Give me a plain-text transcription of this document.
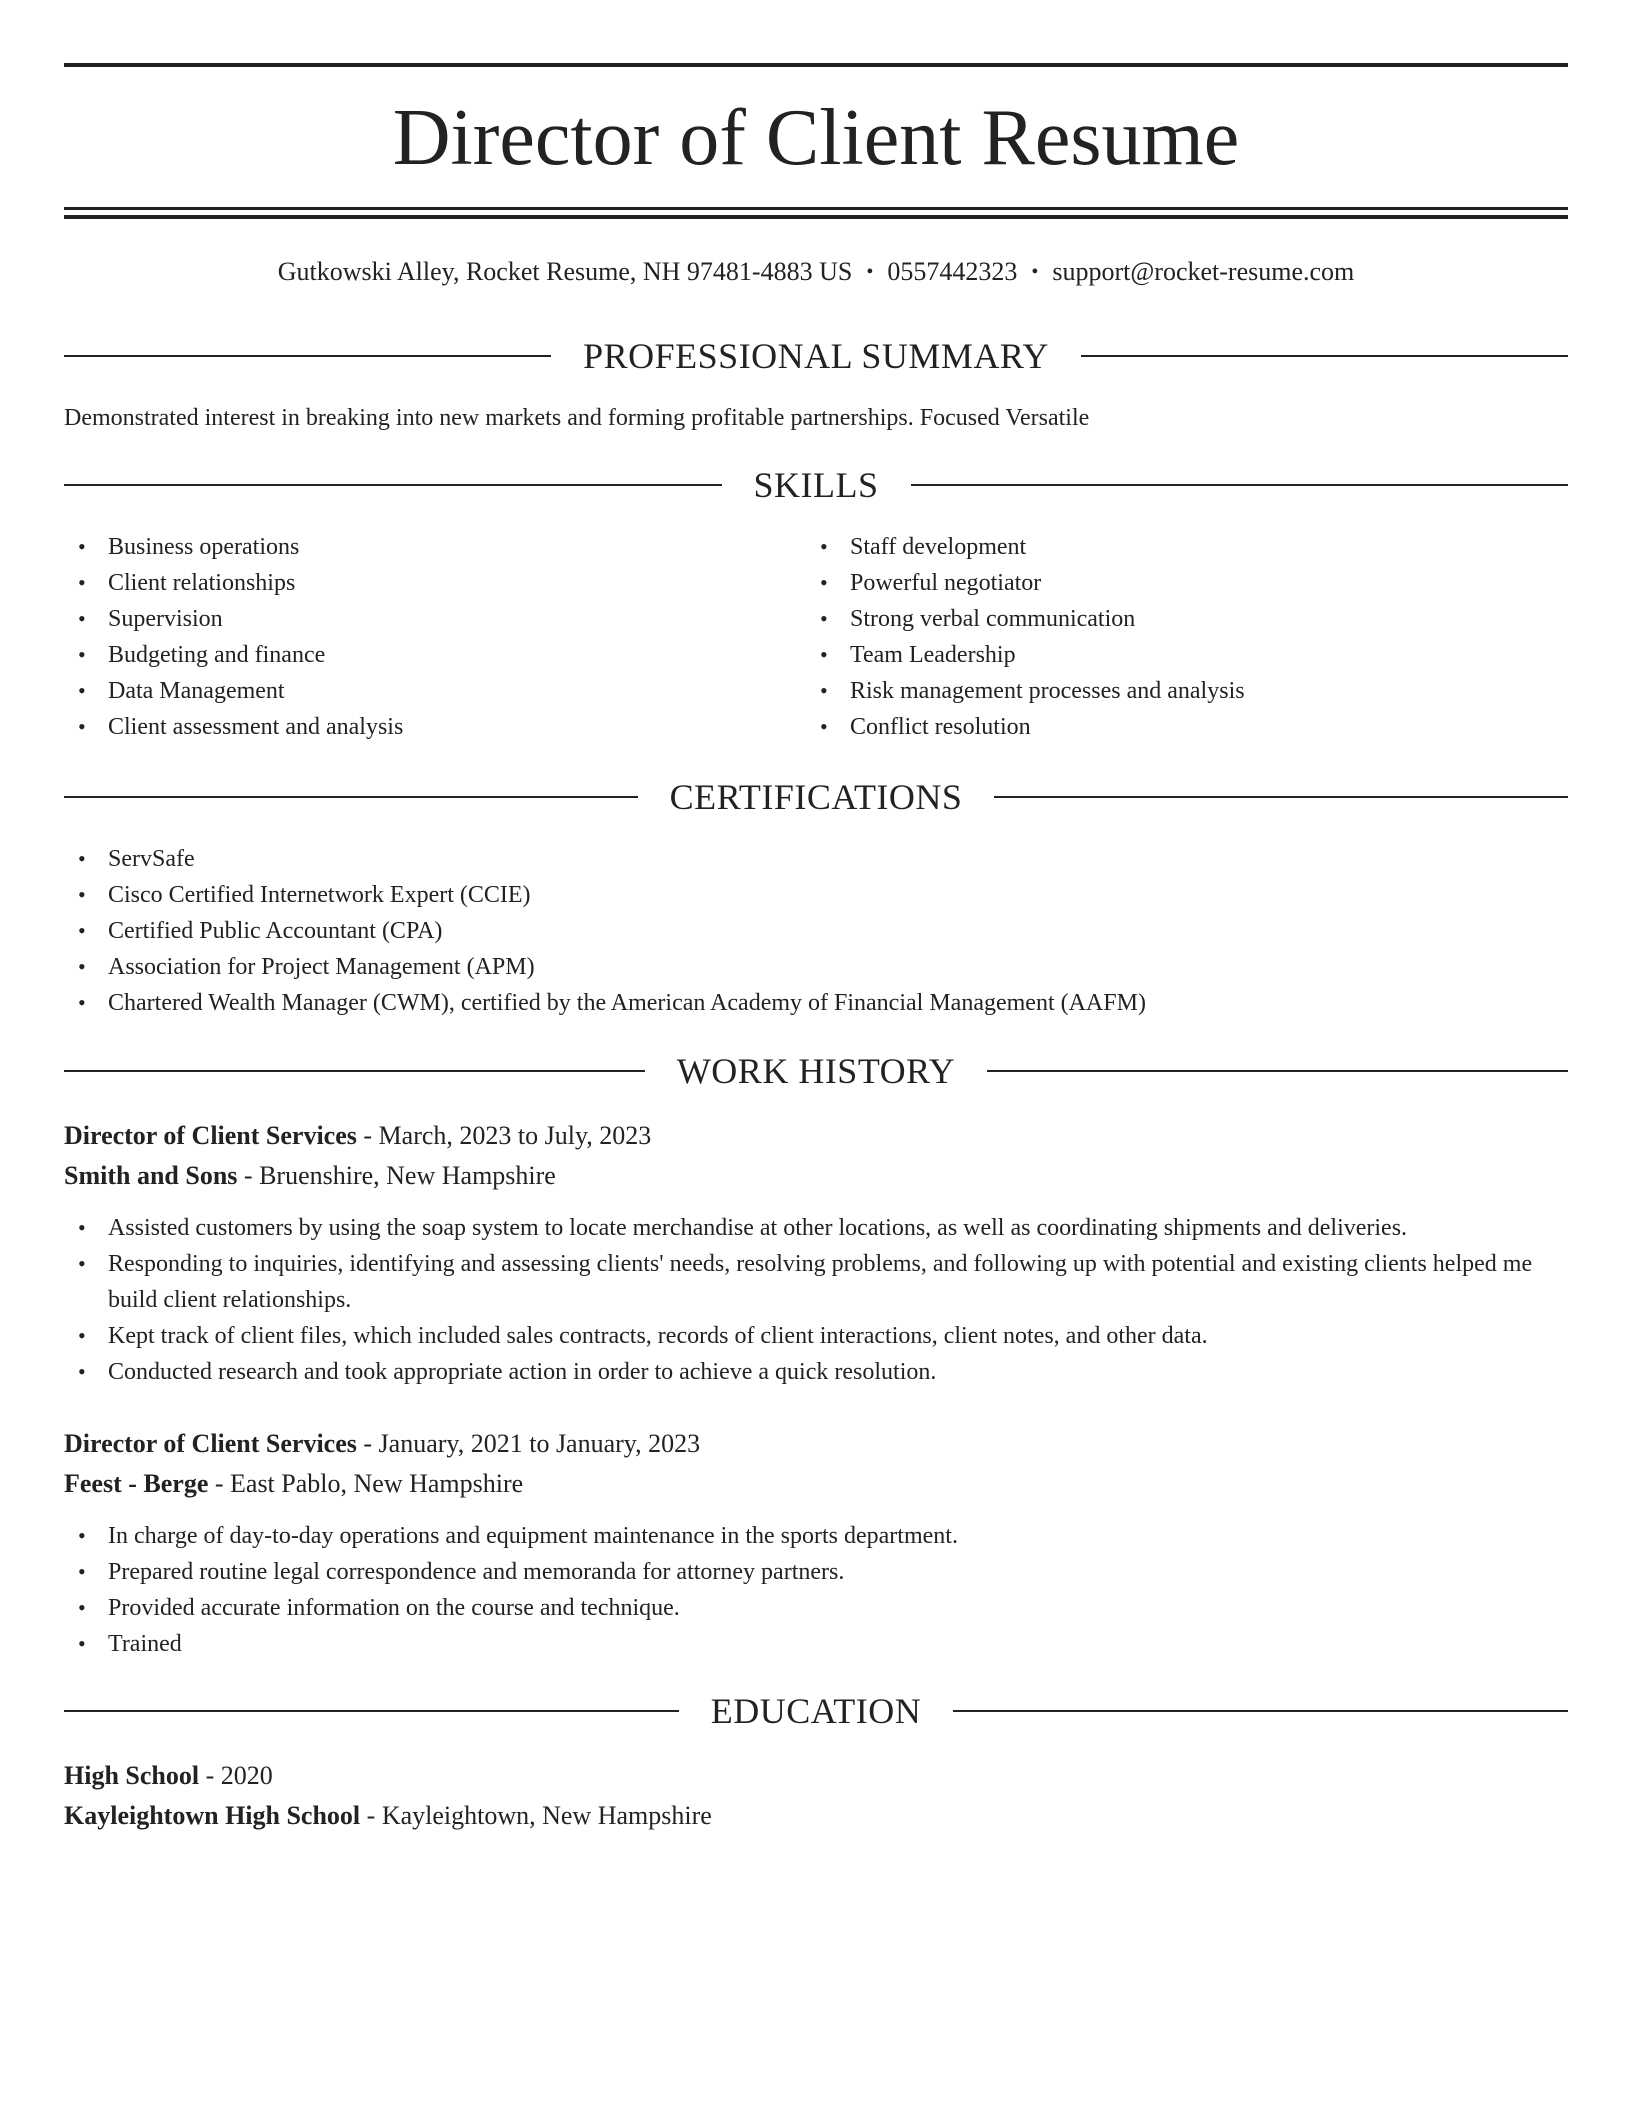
Director of Client Resume
Gutkowski Alley, Rocket Resume, NH 97481-4883 US • 0557442323 • support@rocket-resume.com
PROFESSIONAL SUMMARY
Demonstrated interest in breaking into new markets and forming profitable partnerships. Focused Versatile
SKILLS
• Business operations
• Client relationships
• Supervision
• Budgeting and finance
• Data Management
• Client assessment and analysis
• Staff development
• Powerful negotiator
• Strong verbal communication
• Team Leadership
• Risk management processes and analysis
• Conflict resolution
CERTIFICATIONS
• ServSafe
• Cisco Certified Internetwork Expert (CCIE)
• Certified Public Accountant (CPA)
• Association for Project Management (APM)
• Chartered Wealth Manager (CWM), certified by the American Academy of Financial Management (AAFM)
WORK HISTORY
Director of Client Services - March, 2023 to July, 2023
Smith and Sons - Bruenshire, New Hampshire
• Assisted customers by using the soap system to locate merchandise at other locations, as well as coordinating shipments and deliveries.
• Responding to inquiries, identifying and assessing clients' needs, resolving problems, and following up with potential and existing clients helped me build client relationships.
• Kept track of client files, which included sales contracts, records of client interactions, client notes, and other data.
• Conducted research and took appropriate action in order to achieve a quick resolution.
Director of Client Services - January, 2021 to January, 2023
Feest - Berge - East Pablo, New Hampshire
• In charge of day-to-day operations and equipment maintenance in the sports department.
• Prepared routine legal correspondence and memoranda for attorney partners.
• Provided accurate information on the course and technique.
• Trained
EDUCATION
High School - 2020
Kayleightown High School - Kayleightown, New Hampshire
